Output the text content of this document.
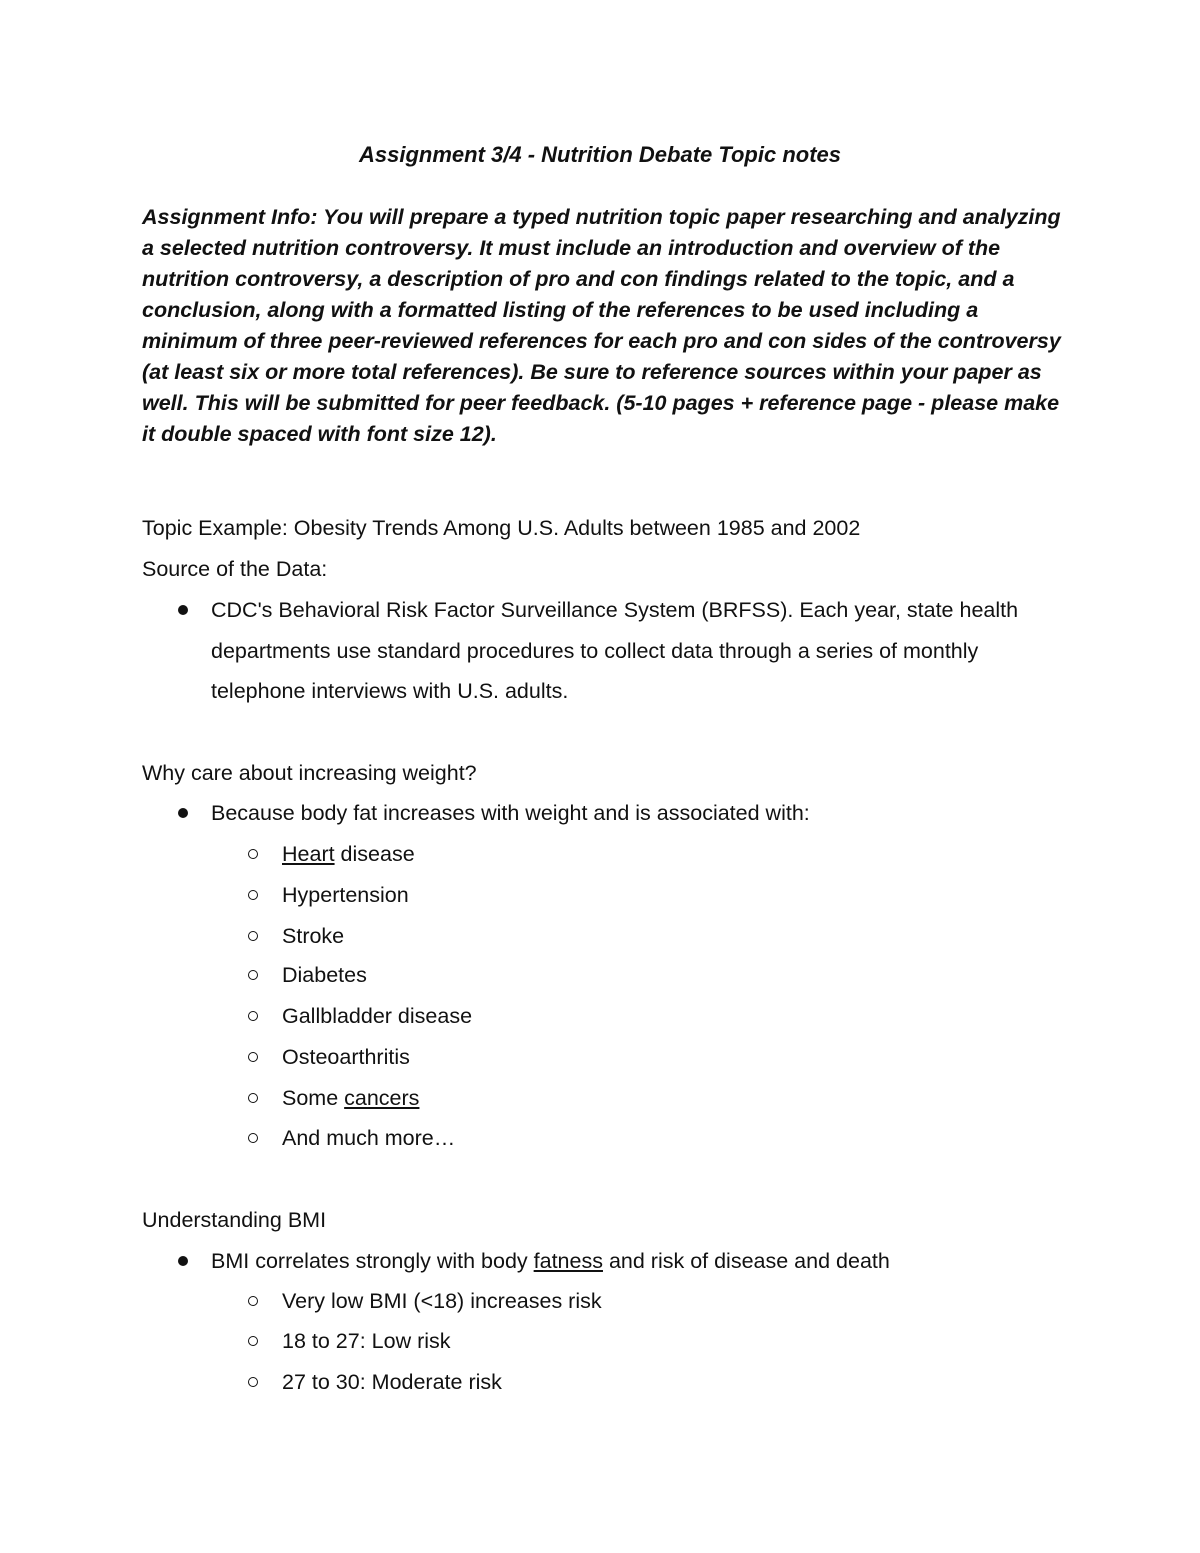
Assignment 3/4 - Nutrition Debate Topic notes

Assignment Info: You will prepare a typed nutrition topic paper researching and analyzing a selected nutrition controversy. It must include an introduction and overview of the nutrition controversy, a description of pro and con findings related to the topic, and a conclusion, along with a formatted listing of the references to be used including a minimum of three peer-reviewed references for each pro and con sides of the controversy (at least six or more total references). Be sure to reference sources within your paper as well. This will be submitted for peer feedback. (5-10 pages + reference page - please make it double spaced with font size 12).

Topic Example: Obesity Trends Among U.S. Adults between 1985 and 2002

Source of the Data:

CDC's Behavioral Risk Factor Surveillance System (BRFSS). Each year, state health departments use standard procedures to collect data through a series of monthly telephone interviews with U.S. adults.

Why care about increasing weight?

Because body fat increases with weight and is associated with:

Heart disease

Hypertension

Stroke

Diabetes

Gallbladder disease

Osteoarthritis

Some cancers

And much more…

Understanding BMI

BMI correlates strongly with body fatness and risk of disease and death

Very low BMI (<18) increases risk

18 to 27: Low risk

27 to 30: Moderate risk
